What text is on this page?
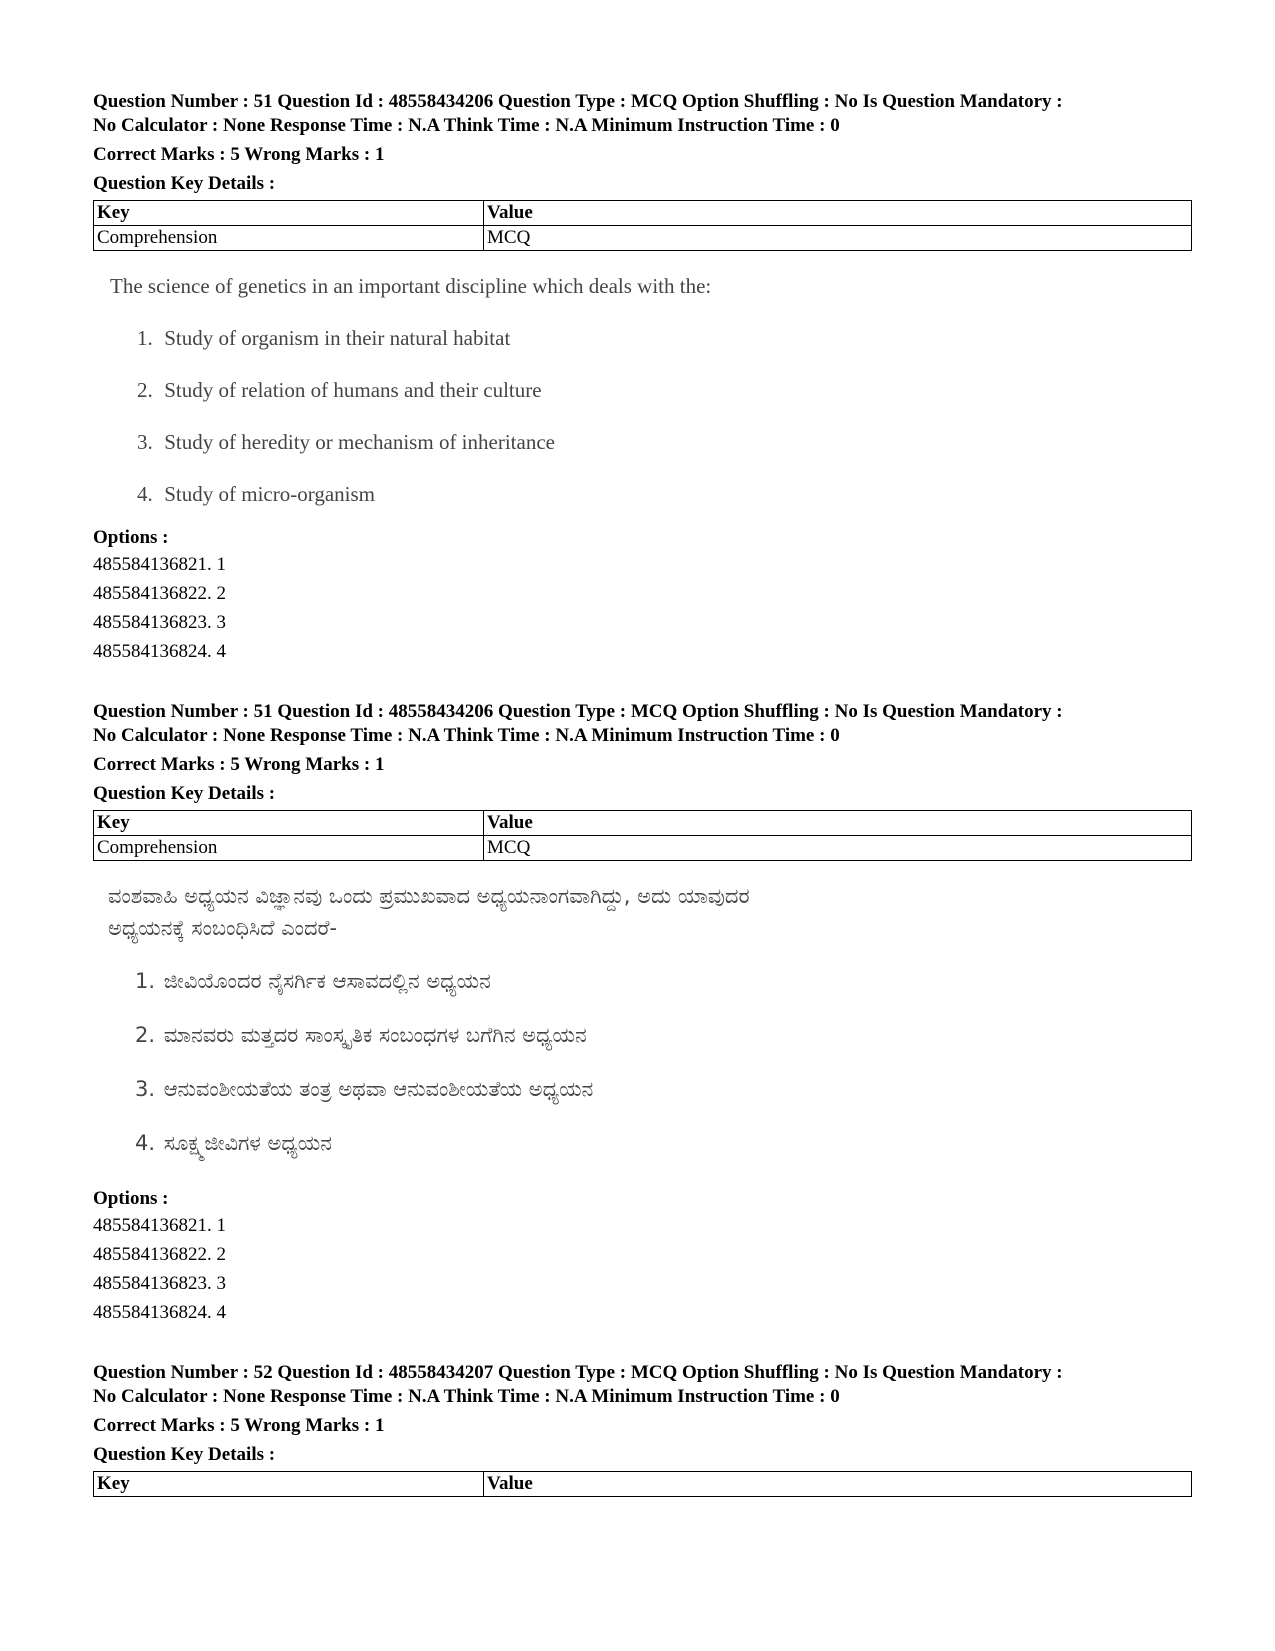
Question Number : 51 Question Id : 48558434206 Question Type : MCQ Option Shuffling : No Is Question Mandatory :

No Calculator : None Response Time : N.A Think Time : N.A Minimum Instruction Time : 0

Correct Marks : 5 Wrong Marks : 1
Question Key Details :
Key	Value
Comprehension	MCQ

The science of genetics in an important discipline which deals with the:

1. Study of organism in their natural habitat
2. Study of relation of humans and their culture
3. Study of heredity or mechanism of inheritance
4. Study of micro-organism
Options :
485584136821. 1
485584136822. 2
485584136823. 3
485584136824. 4

Question Number : 51 Question Id : 48558434206 Question Type : MCQ Option Shuffling : No Is Question Mandatory :

No Calculator : None Response Time : N.A Think Time : N.A Minimum Instruction Time : 0

Correct Marks : 5 Wrong Marks : 1
Question Key Details :
Key	Value
Comprehension	MCQ

ವಂಶವಾಹಿ ಅಧ್ಯಯನ ವಿಜ್ಞಾನವು ಒಂದು ಪ್ರಮುಖವಾದ ಅಧ್ಯಯನಾಂಗವಾಗಿದ್ದು, ಅದು ಯಾವುದರ

ಅಧ್ಯಯನಕ್ಕೆ ಸಂಬಂಧಿಸಿದೆ ಎಂದರೆ-

1. ಜೀವಿಯೊಂದರ ನೈಸರ್ಗಿಕ ಆಸಾವದಲ್ಲಿನ ಅಧ್ಯಯನ
2. ಮಾನವರು ಮತ್ತದರ ಸಾಂಸ್ಕೃತಿಕ ಸಂಬಂಧಗಳ ಬಗೆಗಿನ ಅಧ್ಯಯನ
3. ಆನುವಂಶೀಯತೆಯ ತಂತ್ರ ಅಥವಾ ಆನುವಂಶೀಯತೆಯ ಅಧ್ಯಯನ
4. ಸೂಕ್ಷ್ಮಜೀವಿಗಳ ಅಧ್ಯಯನ
Options :
485584136821. 1
485584136822. 2
485584136823. 3
485584136824. 4

Question Number : 52 Question Id : 48558434207 Question Type : MCQ Option Shuffling : No Is Question Mandatory :

No Calculator : None Response Time : N.A Think Time : N.A Minimum Instruction Time : 0

Correct Marks : 5 Wrong Marks : 1
Question Key Details :
Key	Value
